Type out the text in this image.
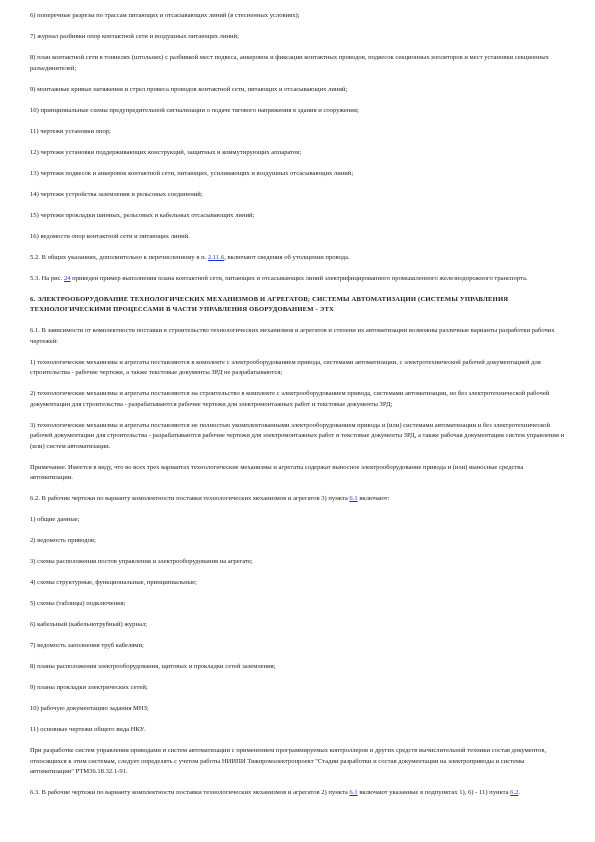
6) поперечные разрезы по трассам питающих и отсасывающих линий (в стесненных условиях);

7) журнал разбивки опор контактной сети и воздушных питающих линий;

8) план контактной сети в тоннелях (штольнях) с разбивкой мест подвеса, анкеровок и фиксации контактных проводов, подвесок секционных изоляторов и мест установки секционных разъединителей;

9) монтажные кривые натяжения и стрел провеса проводов контактной сети, питающих и отсасывающих линий;

10) принципиальные схемы предупредительной сигнализации о подаче тягового напряжения в здания и сооружения;

11) чертежи установки опор;

12) чертежи установки поддерживающих конструкций, защитных и коммутирующих аппаратов;

13) чертежи подвесок и анкеровок контактной сети, питающих, усиливающих и воздушных отсасывающих линий;

14) чертежи устройства заземления и рельсовых соединений;

15) чертежи прокладки шинных, рельсовых и кабельных отсасывающих линий;

16) ведомости опор контактной сети и питающих линий.

5.2. В общих указаниях, дополнительно к перечисленному в п. 2.11.6, включают сведения об утолщении провода.

5.3. На рис. 24 приведен пример выполнения плана контактной сети, питающих и отсасывающих линий электрифицированного промышленного железнодорожного транспорта.

6. ЭЛЕКТРООБОРУДОВАНИЕ ТЕХНОЛОГИЧЕСКИХ МЕХАНИЗМОВ И АГРЕГАТОВ; СИСТЕМЫ АВТОМАТИЗАЦИИ (СИСТЕМЫ УПРАВЛЕНИЯ ТЕХНОЛОГИЧЕСКИМИ ПРОЦЕССАМИ В ЧАСТИ УПРАВЛЕНИЯ ОБОРУДОВАНИЕМ - ЭТХ

6.1. В зависимости от комплектности поставки в строительство технологических механизмов и агрегатов и степени их автоматизации возможны различные варианты разработки рабочих чертежей:

1) технологические механизмы и агрегаты поставляются в комплекте с электрооборудованием привода, системами автоматизации, с электротехнической рабочей документацией для строительства - рабочие чертежи, а также текстовые документы ЗРД не разрабатываются;

2) технологические механизмы и агрегаты поставляются на строительство в комплекте с электрооборудованием привода, системами автоматизации, но без электротехнической рабочей документации для строительства - разрабатываются рабочие чертежи для электромонтажных работ и текстовые документы ЗРД;

3) технологические механизмы и агрегаты поставляются не полностью укомплектованными электрооборудованием привода и (или) системами автоматизации и без электротехнической рабочей документации для строительства - разрабатываются рабочие чертежи для электромонтажных работ и текстовые документы ЗРД, а также рабочая документация систем управления и (или) систем автоматизации.

Примечание. Имеется в виду, что во всех трех вариантах технологические механизмы и агрегаты содержат выносное электрооборудование привода и (или) выносные средства автоматизации.

6.2. В рабочие чертежи по варианту комплектности поставки технологических механизмов и агрегатов 3) пункта 6.1 включают:

1) общие данные;

2) ведомость приводов;

3) схемы расположения постов управления и электрооборудования на агрегате;

4) схемы структурные, функциональные, принципиальные;

5) схемы (таблицы) подключения;

6) кабельный (кабельнотрубный) журнал;

7) ведомость заполнения труб кабелями;

8) планы расположения электрооборудования, щитовых и прокладки сетей заземления;

9) планы прокладки электрических сетей;

10) рабочую документацию задания МНЗ;

11) основные чертежи общего вида НКУ.

При разработке систем управления приводами и систем автоматизации с применением программируемых контроллеров и других средств вычислительной техники состав документов, относящихся к этим системам, следует определять с учетом работы НИИПИ Тяжпромэлектропроект "Стадии разработки и состав документации на электроприводы и системы автоматизации" РТМ36.18.32.1-91.

6.3. В рабочие чертежи по варианту комплектности поставки технологических механизмов и агрегатов 2) пункта 6.1 включают указанные в подпунктах 1), 6) - 11) пункта 6.2.
